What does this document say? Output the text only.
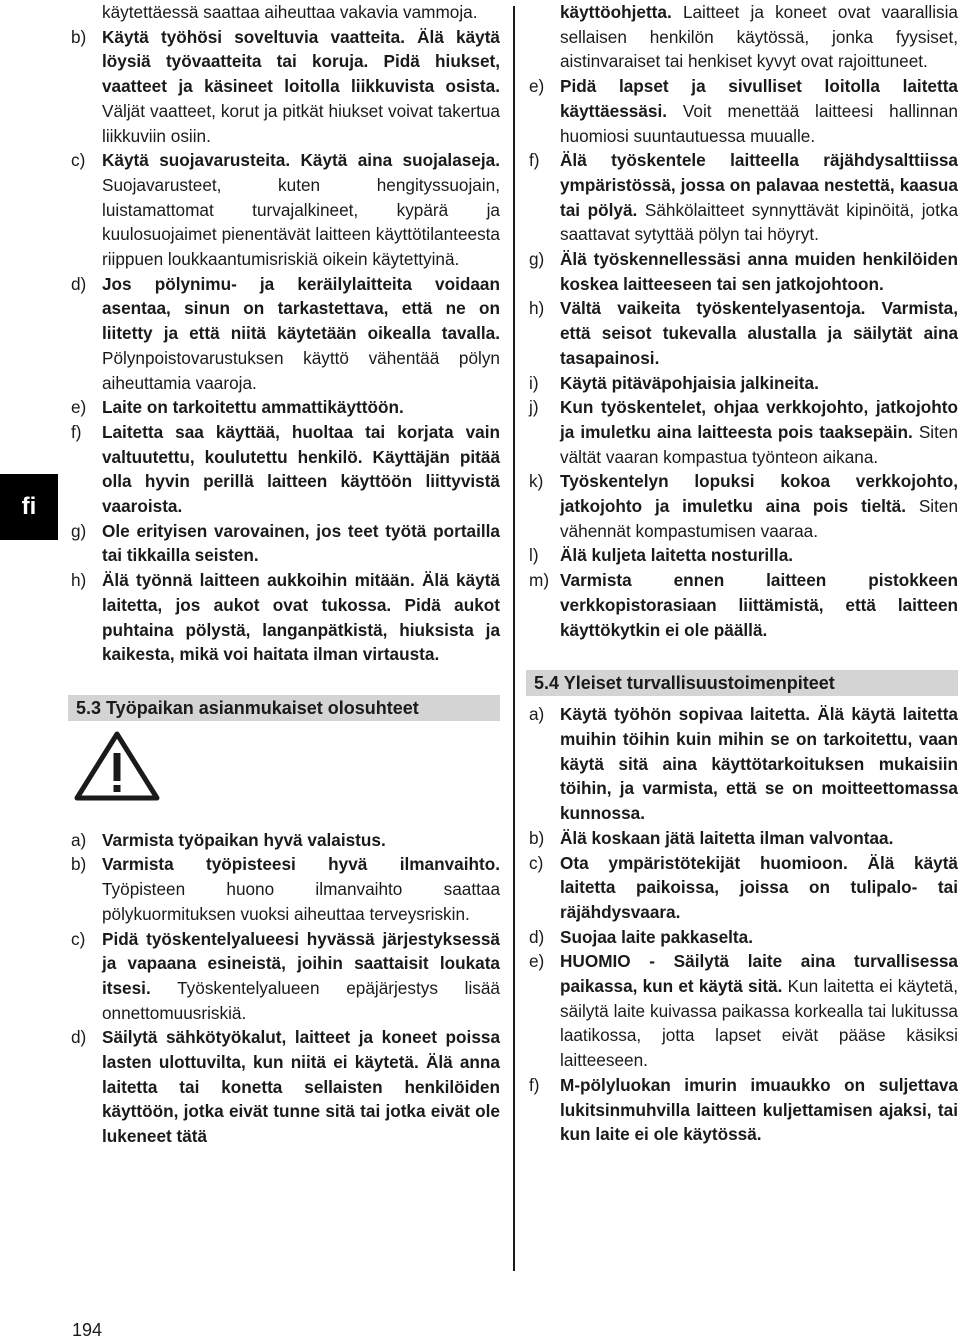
fi
käytettäessä saattaa aiheuttaa vakavia vammoja.
b) Käytä työhösi soveltuvia vaatteita. Älä käytä löysiä työvaatteita tai koruja. Pidä hiukset, vaatteet ja käsineet loitolla liikkuvista osista. Väljät vaatteet, korut ja pitkät hiukset voivat takertua liikkuviin osiin.
c) Käytä suojavarusteita. Käytä aina suojalaseja. Suojavarusteet, kuten hengityssuojain, luistamattomat turvajalkineet, kypärä ja kuulosuojaimet pienentävät laitteen käyttötilanteesta riippuen loukkaantumisriskiä oikein käytettyinä.
d) Jos pölynimu- ja keräilylaitteita voidaan asentaa, sinun on tarkastettava, että ne on liitetty ja että niitä käytetään oikealla tavalla. Pölynpoistovarustuksen käyttö vähentää pölyn aiheuttamia vaaroja.
e) Laite on tarkoitettu ammattikäyttöön.
f) Laitetta saa käyttää, huoltaa tai korjata vain valtuutettu, koulutettu henkilö. Käyttäjän pitää olla hyvin perillä laitteen käyttöön liittyvistä vaaroista.
g) Ole erityisen varovainen, jos teet työtä portailla tai tikkailla seisten.
h) Älä työnnä laitteen aukkoihin mitään. Älä käytä laitetta, jos aukot ovat tukossa. Pidä aukot puhtaina pölystä, langanpätkistä, hiuksista ja kaikesta, mikä voi haitata ilman virtausta.
5.3 Työpaikan asianmukaiset olosuhteet
a) Varmista työpaikan hyvä valaistus.
b) Varmista työpisteesi hyvä ilmanvaihto. Työpisteen huono ilmanvaihto saattaa pölykuormituksen vuoksi aiheuttaa terveysriskin.
c) Pidä työskentelyalueesi hyvässä järjestyksessä ja vapaana esineistä, joihin saattaisit loukata itsesi. Työskentelyalueen epäjärjestys lisää onnettomuusriskiä.
d) Säilytä sähkötyökalut, laitteet ja koneet poissa lasten ulottuvilta, kun niitä ei käytetä. Älä anna laitetta tai konetta sellaisten henkilöiden käyttöön, jotka eivät tunne sitä tai jotka eivät ole lukeneet tätä
käyttöohjetta. Laitteet ja koneet ovat vaarallisia sellaisen henkilön käytössä, jonka fyysiset, aistinvaraiset tai henkiset kyvyt ovat rajoittuneet.
e) Pidä lapset ja sivulliset loitolla laitetta käyttäessäsi. Voit menettää laitteesi hallinnan huomiosi suuntautuessa muualle.
f) Älä työskentele laitteella räjähdysalttiissa ympäristössä, jossa on palavaa nestettä, kaasua tai pölyä. Sähkölaitteet synnyttävät kipinöitä, jotka saattavat sytyttää pölyn tai höyryt.
g) Älä työskennellessäsi anna muiden henkilöiden koskea laitteeseen tai sen jatkojohtoon.
h) Vältä vaikeita työskentelyasentoja. Varmista, että seisot tukevalla alustalla ja säilytät aina tasapainosi.
i) Käytä pitäväpohjaisia jalkineita.
j) Kun työskentelet, ohjaa verkkojohto, jatkojohto ja imuletku aina laitteesta pois taaksepäin. Siten vältät vaaran kompastua työnteon aikana.
k) Työskentelyn lopuksi kokoa verkkojohto, jatkojohto ja imuletku aina pois tieltä. Siten vähennät kompastumisen vaaraa.
l) Älä kuljeta laitetta nosturilla.
m) Varmista ennen laitteen pistokkeen verkkopistorasiaan liittämistä, että laitteen käyttökytkin ei ole päällä.
5.4 Yleiset turvallisuustoimenpiteet
a) Käytä työhön sopivaa laitetta. Älä käytä laitetta muihin töihin kuin mihin se on tarkoitettu, vaan käytä sitä aina käyttötarkoituksen mukaisiin töihin, ja varmista, että se on moitteettomassa kunnossa.
b) Älä koskaan jätä laitetta ilman valvontaa.
c) Ota ympäristötekijät huomioon. Älä käytä laitetta paikoissa, joissa on tulipalo- tai räjähdysvaara.
d) Suojaa laite pakkaselta.
e) HUOMIO - Säilytä laite aina turvallisessa paikassa, kun et käytä sitä. Kun laitetta ei käytetä, säilytä laite kuivassa paikassa korkealla tai lukitussa laatikossa, jotta lapset eivät pääse käsiksi laitteeseen.
f) M-pölyluokan imurin imuaukko on suljettava lukitsinmuhvilla laitteen kuljettamisen ajaksi, tai kun laite ei ole käytössä.
194
